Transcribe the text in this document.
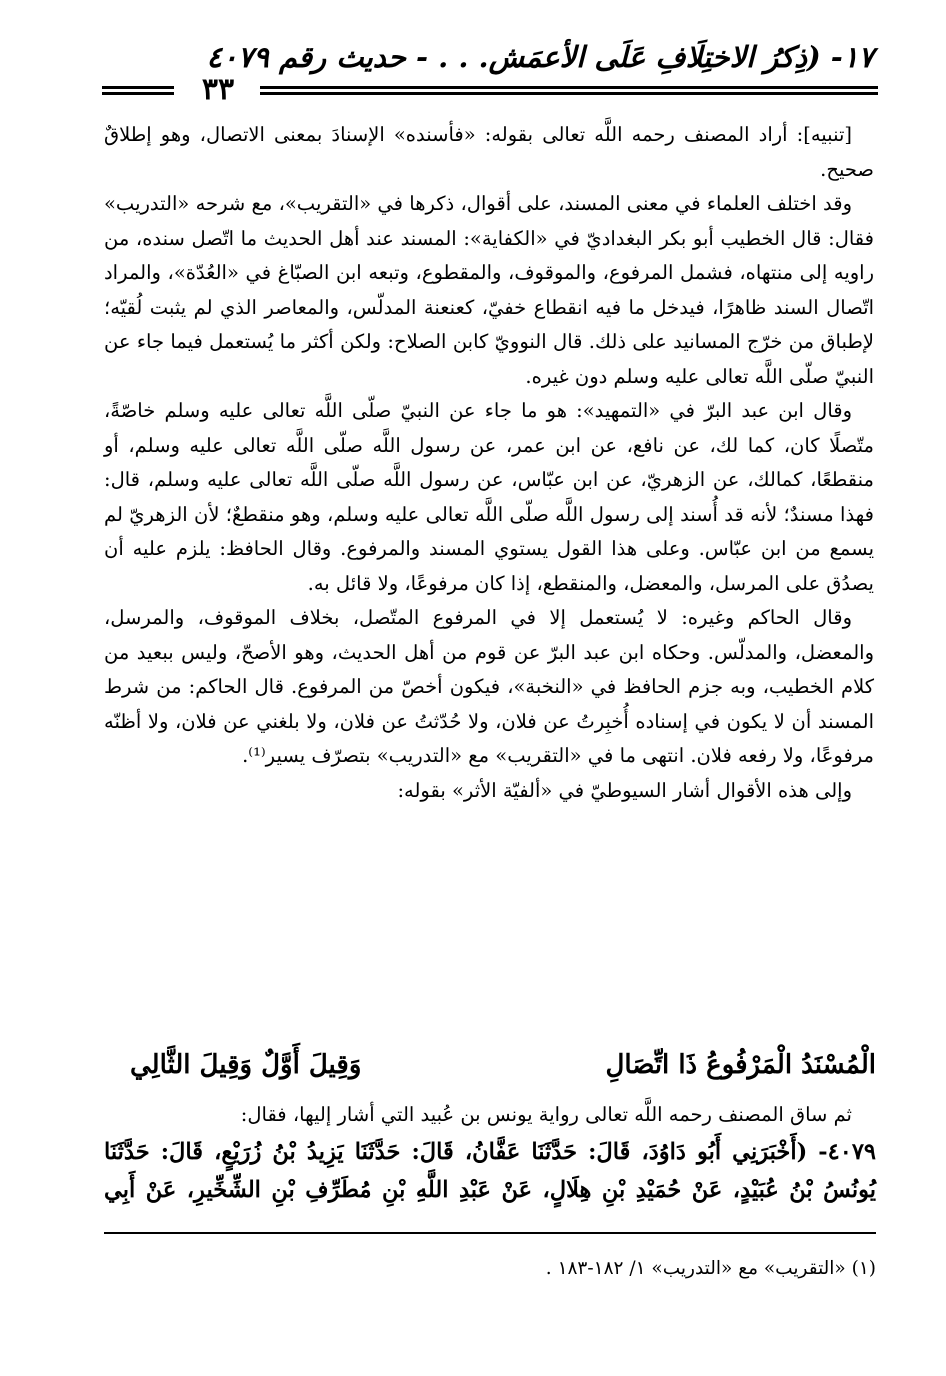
١٧- (ذِكرُ الاختِلَافِ عَلَى الأعمَش. . . - حديث رقم ٤٠٧٩
٣٣

[تنبيه]: أراد المصنف رحمه اللَّه تعالى بقوله: «فأسنده» الإسنادَ بمعنى الاتصال، وهو إطلاقٌ صحيح.

وقد اختلف العلماء في معنى المسند، على أقوال، ذكرها في «التقريب»، مع شرحه «التدريب» فقال: قال الخطيب أبو بكر البغداديّ في «الكفاية»: المسند عند أهل الحديث ما اتّصل سنده، من راويه إلى منتهاه، فشمل المرفوع، والموقوف، والمقطوع، وتبعه ابن الصبّاغ في «العُدّة»، والمراد اتّصال السند ظاهرًا، فيدخل ما فيه انقطاع خفيّ، كعنعنة المدلّس، والمعاصر الذي لم يثبت لُقيّه؛ لإطباق من خرّج المسانيد على ذلك. قال النوويّ كابن الصلاح: ولكن أكثر ما يُستعمل فيما جاء عن النبيّ صلّى اللَّه تعالى عليه وسلم دون غيره.

وقال ابن عبد البرّ في «التمهيد»: هو ما جاء عن النبيّ صلّى اللَّه تعالى عليه وسلم خاصّةً، متّصلًا كان، كما لك، عن نافع، عن ابن عمر، عن رسول اللَّه صلّى اللَّه تعالى عليه وسلم، أو منقطعًا، كمالك، عن الزهريّ، عن ابن عبّاس، عن رسول اللَّه صلّى اللَّه تعالى عليه وسلم، قال: فهذا مسندٌ؛ لأنه قد أُسند إلى رسول اللَّه صلّى اللَّه تعالى عليه وسلم، وهو منقطعٌ؛ لأن الزهريّ لم يسمع من ابن عبّاس. وعلى هذا القول يستوي المسند والمرفوع. وقال الحافظ: يلزم عليه أن يصدُق على المرسل، والمعضل، والمنقطع، إذا كان مرفوعًا، ولا قائل به.

وقال الحاكم وغيره: لا يُستعمل إلا في المرفوع المتّصل، بخلاف الموقوف، والمرسل، والمعضل، والمدلّس. وحكاه ابن عبد البرّ عن قوم من أهل الحديث، وهو الأصحّ، وليس ببعيد من كلام الخطيب، وبه جزم الحافظ في «النخبة»، فيكون أخصّ من المرفوع. قال الحاكم: من شرط المسند أن لا يكون في إسناده أُخبِرتُ عن فلان، ولا حُدّثتُ عن فلان، ولا بلغني عن فلان، ولا أظنّه مرفوعًا، ولا رفعه فلان. انتهى ما في «التقريب» مع «التدريب» بتصرّف يسير⁽¹⁾.

وإلى هذه الأقوال أشار السيوطيّ في «ألفيّة الأثر» بقوله:

الْمُسْنَدُ الْمَرْفُوعُ ذَا اتِّصَالِ
وَقِيلَ أَوَّلٌ وَقِيلَ الثَّالِي

ثم ساق المصنف رحمه اللَّه تعالى رواية يونس بن عُبيد التي أشار إليها، فقال:

٤٠٧٩- (أَخْبَرَنِي أَبُو دَاوُدَ، قَالَ: حَدَّثَنَا عَفَّانُ، قَالَ: حَدَّثَنَا يَزِيدُ بْنُ زُرَيْعٍ، قَالَ: حَدَّثَنَا يُونُسُ بْنُ عُبَيْدٍ، عَنْ حُمَيْدِ بْنِ هِلَالٍ، عَنْ عَبْدِ اللَّهِ بْنِ مُطَرِّفِ بْنِ الشِّخِّيرِ، عَنْ أَبِي
(١) «التقريب» مع «التدريب» ١/ ١٨٢-١٨٣ .
